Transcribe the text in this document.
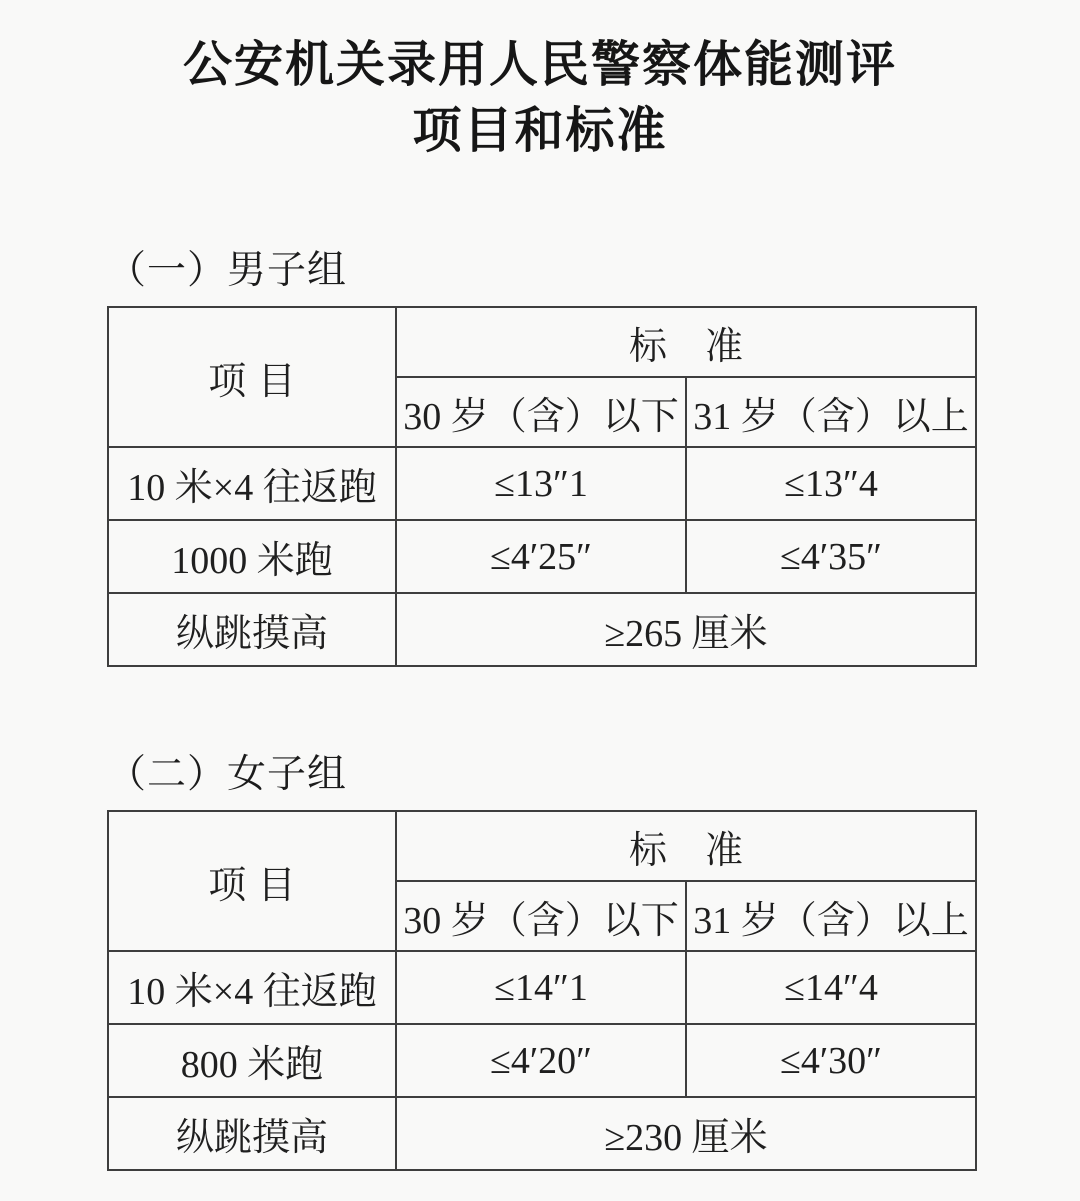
公安机关录用人民警察体能测评
项目和标准
（一）男子组
项目	标　准	
	30 岁（含）以下	31 岁（含）以上
10 米×4 往返跑	≤13″1	≤13″4
1000 米跑	≤4′25″	≤4′35″
纵跳摸高	≥265 厘米	
（二）女子组
项目	标　准	
	30 岁（含）以下	31 岁（含）以上
10 米×4 往返跑	≤14″1	≤14″4
800 米跑	≤4′20″	≤4′30″
纵跳摸高	≥230 厘米	
